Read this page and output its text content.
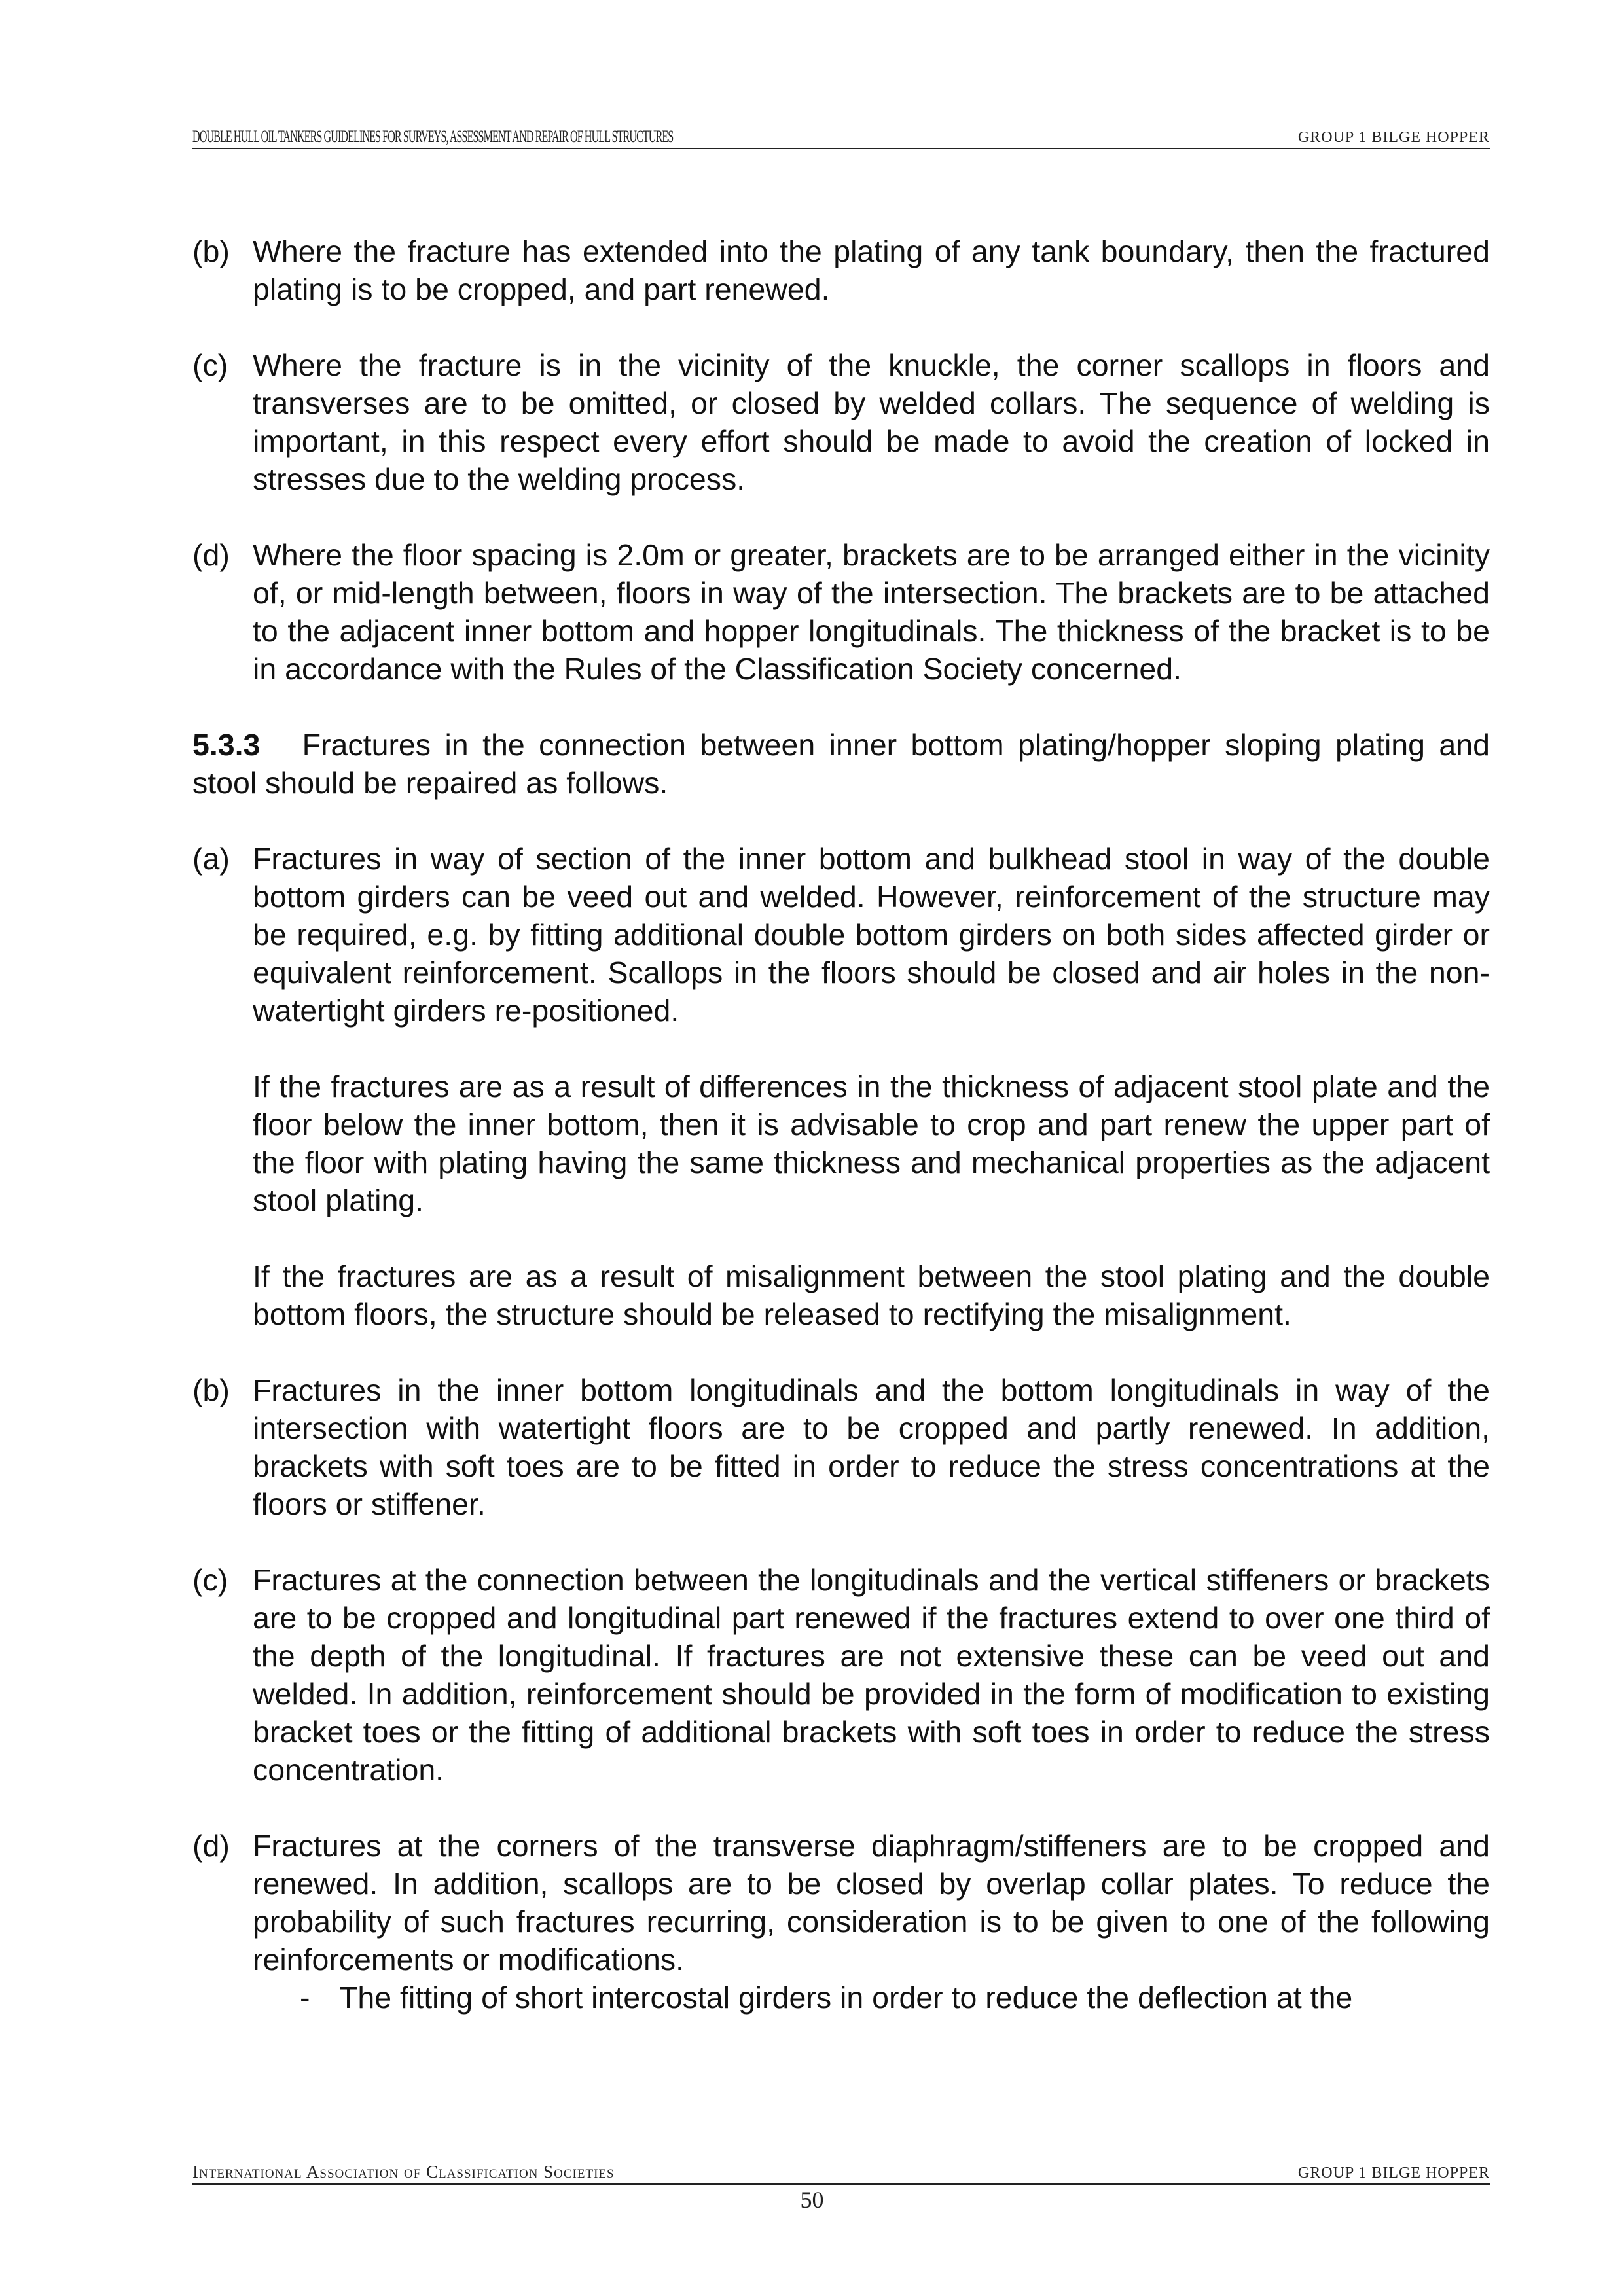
DOUBLE HULL OIL TANKERS GUIDELINES FOR SURVEYS, ASSESSMENT AND REPAIR OF HULL STRUCTURES	GROUP 1 BILGE HOPPER
(b) Where the fracture has extended into the plating of any tank boundary, then the fractured plating is to be cropped, and part renewed.
(c) Where the fracture is in the vicinity of the knuckle, the corner scallops in floors and transverses are to be omitted, or closed by welded collars. The sequence of welding is important, in this respect every effort should be made to avoid the creation of locked in stresses due to the welding process.
(d) Where the floor spacing is 2.0m or greater, brackets are to be arranged either in the vicinity of, or mid-length between, floors in way of the intersection. The brackets are to be attached to the adjacent inner bottom and hopper longitudinals. The thickness of the bracket is to be in accordance with the Rules of the Classification Society concerned.

5.3.3 Fractures in the connection between inner bottom plating/hopper sloping plating and stool should be repaired as follows.

(a) Fractures in way of section of the inner bottom and bulkhead stool in way of the double bottom girders can be veed out and welded. However, reinforcement of the structure may be required, e.g. by fitting additional double bottom girders on both sides affected girder or equivalent reinforcement. Scallops in the floors should be closed and air holes in the non-watertight girders re-positioned.

If the fractures are as a result of differences in the thickness of adjacent stool plate and the floor below the inner bottom, then it is advisable to crop and part renew the upper part of the floor with plating having the same thickness and mechanical properties as the adjacent stool plating.

If the fractures are as a result of misalignment between the stool plating and the double bottom floors, the structure should be released to rectifying the misalignment.

(b) Fractures in the inner bottom longitudinals and the bottom longitudinals in way of the intersection with watertight floors are to be cropped and partly renewed. In addition, brackets with soft toes are to be fitted in order to reduce the stress concentrations at the floors or stiffener.
(c) Fractures at the connection between the longitudinals and the vertical stiffeners or brackets are to be cropped and longitudinal part renewed if the fractures extend to over one third of the depth of the longitudinal. If fractures are not extensive these can be veed out and welded. In addition, reinforcement should be provided in the form of modification to existing bracket toes or the fitting of additional brackets with soft toes in order to reduce the stress concentration.
(d) Fractures at the corners of the transverse diaphragm/stiffeners are to be cropped and renewed. In addition, scallops are to be closed by overlap collar plates. To reduce the probability of such fractures recurring, consideration is to be given to one of the following reinforcements or modifications.
- The fitting of short intercostal girders in order to reduce the deflection at the
International Association of Classification Societies	GROUP 1 BILGE HOPPER
50
